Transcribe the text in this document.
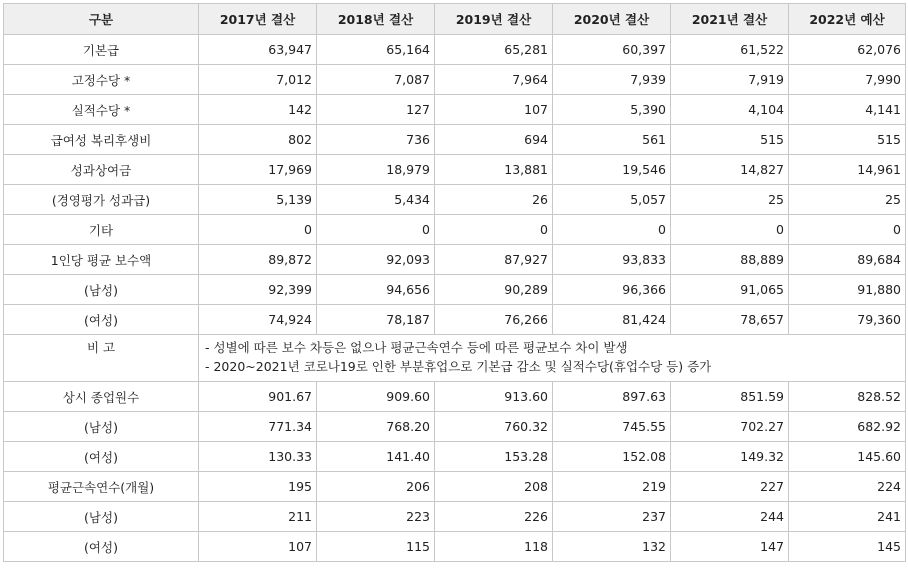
구분	2017년 결산	2018년 결산	2019년 결산	2020년 결산	2021년 결산	2022년 예산
기본급	63,947	65,164	65,281	60,397	61,522	62,076
고정수당 *	7,012	7,087	7,964	7,939	7,919	7,990
실적수당 *	142	127	107	5,390	4,104	4,141
급여성 복리후생비	802	736	694	561	515	515
성과상여금	17,969	18,979	13,881	19,546	14,827	14,961
(경영평가 성과급)	5,139	5,434	26	5,057	25	25
기타	0	0	0	0	0	0
1인당 평균 보수액	89,872	92,093	87,927	93,833	88,889	89,684
(남성)	92,399	94,656	90,289	96,366	91,065	91,880
(여성)	74,924	78,187	76,266	81,424	78,657	79,360
비 고	- 성별에 따른 보수 차등은 없으나 평균근속연수 등에 따른 평균보수 차이 발생
- 2020~2021년 코로나19로 인한 부분휴업으로 기본급 감소 및 실적수당(휴업수당 등) 증가					

상시 종업원수	901.67	909.60	913.60	897.63	851.59	828.52
(남성)	771.34	768.20	760.32	745.55	702.27	682.92
(여성)	130.33	141.40	153.28	152.08	149.32	145.60
평균근속연수(개월)	195	206	208	219	227	224
(남성)	211	223	226	237	244	241
(여성)	107	115	118	132	147	145
